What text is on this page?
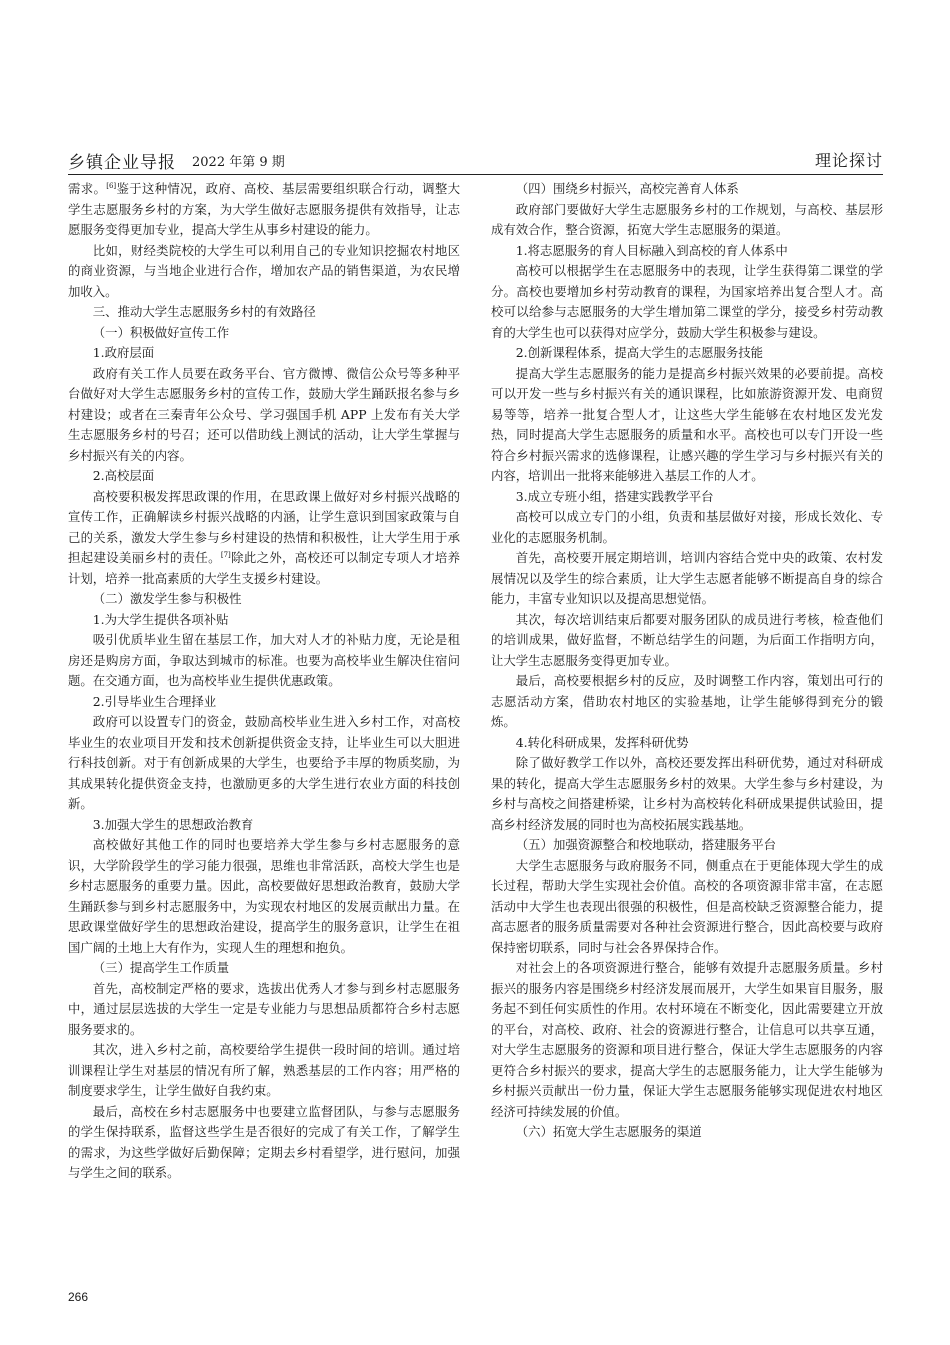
乡镇企业导报 2022 年第 9 期	理论探讨

需求。[6]鉴于这种情况，政府、高校、基层需要组织联合行动，调整大学生志愿服务乡村的方案，为大学生做好志愿服务提供有效指导，让志愿服务变得更加专业，提高大学生从事乡村建设的能力。

比如，财经类院校的大学生可以利用自己的专业知识挖掘农村地区的商业资源，与当地企业进行合作，增加农产品的销售渠道，为农民增加收入。

三、推动大学生志愿服务乡村的有效路径

（一）积极做好宣传工作

1.政府层面

政府有关工作人员要在政务平台、官方微博、微信公众号等多种平台做好对大学生志愿服务乡村的宣传工作，鼓励大学生踊跃报名参与乡村建设；或者在三秦青年公众号、学习强国手机 APP 上发布有关大学生志愿服务乡村的号召；还可以借助线上测试的活动，让大学生掌握与乡村振兴有关的内容。

2.高校层面

高校要积极发挥思政课的作用，在思政课上做好对乡村振兴战略的宣传工作，正确解读乡村振兴战略的内涵，让学生意识到国家政策与自己的关系，激发大学生参与乡村建设的热情和积极性，让大学生用于承担起建设美丽乡村的责任。[7]除此之外，高校还可以制定专项人才培养计划，培养一批高素质的大学生支援乡村建设。

（二）激发学生参与积极性

1.为大学生提供各项补贴

吸引优质毕业生留在基层工作，加大对人才的补贴力度，无论是租房还是购房方面，争取达到城市的标准。也要为高校毕业生解决住宿问题。在交通方面，也为高校毕业生提供优惠政策。

2.引导毕业生合理择业

政府可以设置专门的资金，鼓励高校毕业生进入乡村工作，对高校毕业生的农业项目开发和技术创新提供资金支持，让毕业生可以大胆进行科技创新。对于有创新成果的大学生，也要给予丰厚的物质奖励，为其成果转化提供资金支持，也激励更多的大学生进行农业方面的科技创新。

3.加强大学生的思想政治教育

高校做好其他工作的同时也要培养大学生参与乡村志愿服务的意识，大学阶段学生的学习能力很强，思维也非常活跃，高校大学生也是乡村志愿服务的重要力量。因此，高校要做好思想政治教育，鼓励大学生踊跃参与到乡村志愿服务中，为实现农村地区的发展贡献出力量。在思政课堂做好学生的思想政治建设，提高学生的服务意识，让学生在祖国广阔的土地上大有作为，实现人生的理想和抱负。

（三）提高学生工作质量

首先，高校制定严格的要求，选拔出优秀人才参与到乡村志愿服务中，通过层层选拔的大学生一定是专业能力与思想品质都符合乡村志愿服务要求的。

其次，进入乡村之前，高校要给学生提供一段时间的培训。通过培训课程让学生对基层的情况有所了解，熟悉基层的工作内容；用严格的制度要求学生，让学生做好自我约束。

最后，高校在乡村志愿服务中也要建立监督团队，与参与志愿服务的学生保持联系，监督这些学生是否很好的完成了有关工作，了解学生的需求，为这些学做好后勤保障；定期去乡村看望学，进行慰问，加强与学生之间的联系。

（四）围绕乡村振兴，高校完善育人体系

政府部门要做好大学生志愿服务乡村的工作规划，与高校、基层形成有效合作，整合资源，拓宽大学生志愿服务的渠道。

1.将志愿服务的育人目标融入到高校的育人体系中

高校可以根据学生在志愿服务中的表现，让学生获得第二课堂的学分。高校也要增加乡村劳动教育的课程，为国家培养出复合型人才。高校可以给参与志愿服务的大学生增加第二课堂的学分，接受乡村劳动教育的大学生也可以获得对应学分，鼓励大学生积极参与建设。

2.创新课程体系，提高大学生的志愿服务技能

提高大学生志愿服务的能力是提高乡村振兴效果的必要前提。高校可以开发一些与乡村振兴有关的通识课程，比如旅游资源开发、电商贸易等等，培养一批复合型人才，让这些大学生能够在农村地区发光发热，同时提高大学生志愿服务的质量和水平。高校也可以专门开设一些符合乡村振兴需求的选修课程，让感兴趣的学生学习与乡村振兴有关的内容，培训出一批将来能够进入基层工作的人才。

3.成立专班小组，搭建实践教学平台

高校可以成立专门的小组，负责和基层做好对接，形成长效化、专业化的志愿服务机制。

首先，高校要开展定期培训，培训内容结合党中央的政策、农村发展情况以及学生的综合素质，让大学生志愿者能够不断提高自身的综合能力，丰富专业知识以及提高思想觉悟。

其次，每次培训结束后都要对服务团队的成员进行考核，检查他们的培训成果，做好监督，不断总结学生的问题，为后面工作指明方向，让大学生志愿服务变得更加专业。

最后，高校要根据乡村的反应，及时调整工作内容，策划出可行的志愿活动方案，借助农村地区的实验基地，让学生能够得到充分的锻炼。

4.转化科研成果，发挥科研优势

除了做好教学工作以外，高校还要发挥出科研优势，通过对科研成果的转化，提高大学生志愿服务乡村的效果。大学生参与乡村建设，为乡村与高校之间搭建桥梁，让乡村为高校转化科研成果提供试验田，提高乡村经济发展的同时也为高校拓展实践基地。

（五）加强资源整合和校地联动，搭建服务平台

大学生志愿服务与政府服务不同，侧重点在于更能体现大学生的成长过程，帮助大学生实现社会价值。高校的各项资源非常丰富，在志愿活动中大学生也表现出很强的积极性，但是高校缺乏资源整合能力，提高志愿者的服务质量需要对各种社会资源进行整合，因此高校要与政府保持密切联系，同时与社会各界保持合作。

对社会上的各项资源进行整合，能够有效提升志愿服务质量。乡村振兴的服务内容是围绕乡村经济发展而展开，大学生如果盲目服务，服务起不到任何实质性的作用。农村环境在不断变化，因此需要建立开放的平台，对高校、政府、社会的资源进行整合，让信息可以共享互通，对大学生志愿服务的资源和项目进行整合，保证大学生志愿服务的内容更符合乡村振兴的要求，提高大学生的志愿服务能力，让大学生能够为乡村振兴贡献出一份力量，保证大学生志愿服务能够实现促进农村地区经济可持续发展的价值。

（六）拓宽大学生志愿服务的渠道

266
